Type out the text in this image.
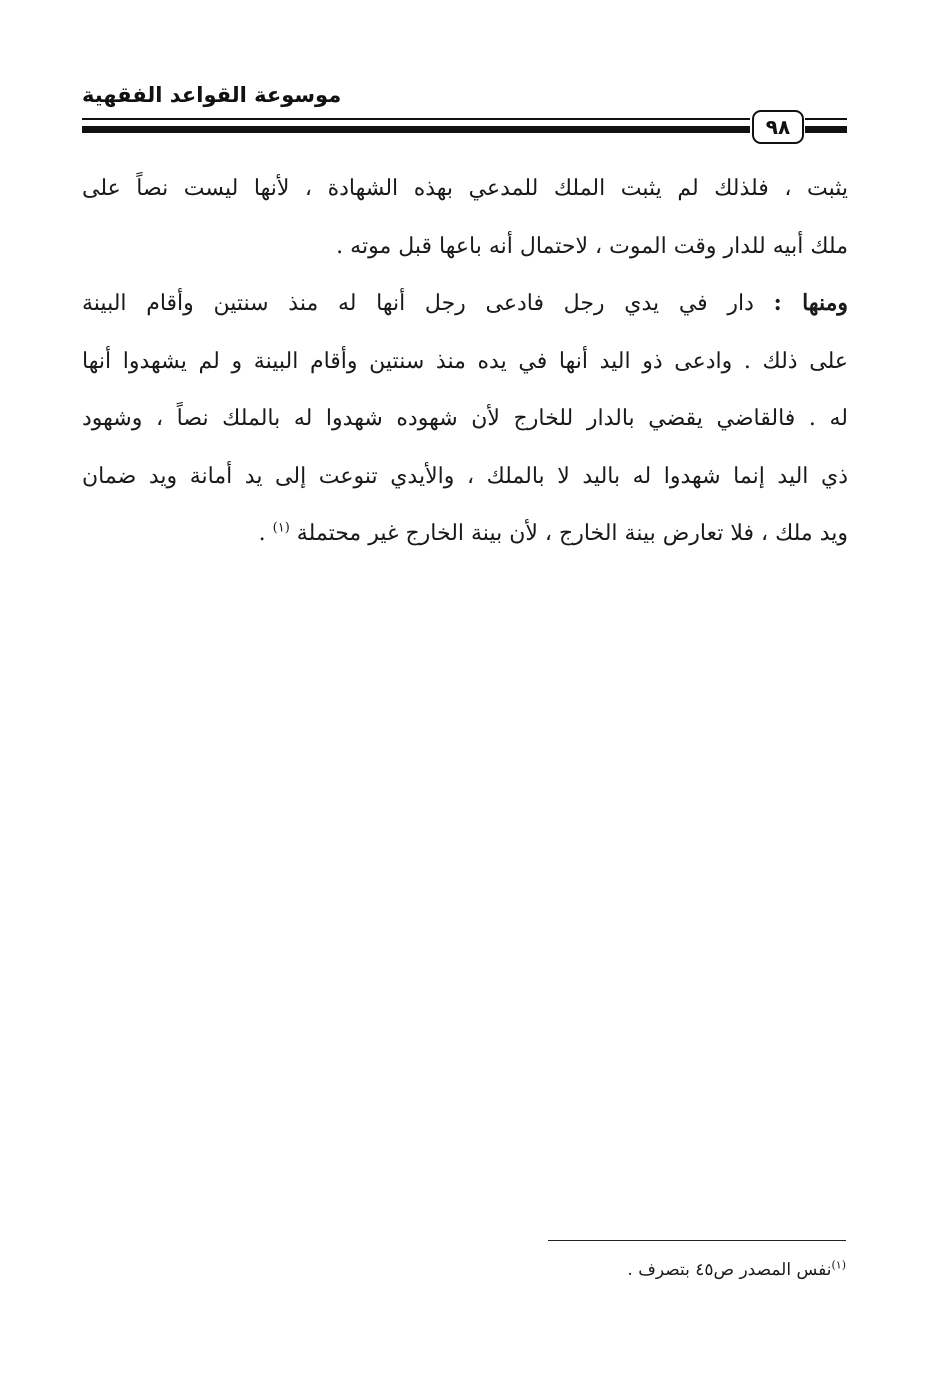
موسوعة القواعد الفقهية
٩٨
يثبت ، فلذلك لم يثبت الملك للمدعي بهذه الشهادة ، لأنها ليست نصاً على
ملك أبيه للدار وقت الموت ، لاحتمال أنه باعها قبل موته .
ومنها : دار في يدي رجل فادعى رجل أنها له منذ سنتين وأقام البينة
على ذلك . وادعى ذو اليد أنها في يده منذ سنتين وأقام البينة و لم يشهدوا أنها
له . فالقاضي يقضي بالدار للخارج لأن شهوده شهدوا له بالملك نصاً ، وشهود
ذي اليد إنما شهدوا له باليد لا بالملك ، والأيدي تنوعت إلى يد أمانة ويد ضمان
ويد ملك ، فلا تعارض بينة الخارج ، لأن بينة الخارج غير محتملة $^{(١)}$ .
$^{(١)}$نفس المصدر ص٤٥ بتصرف .
